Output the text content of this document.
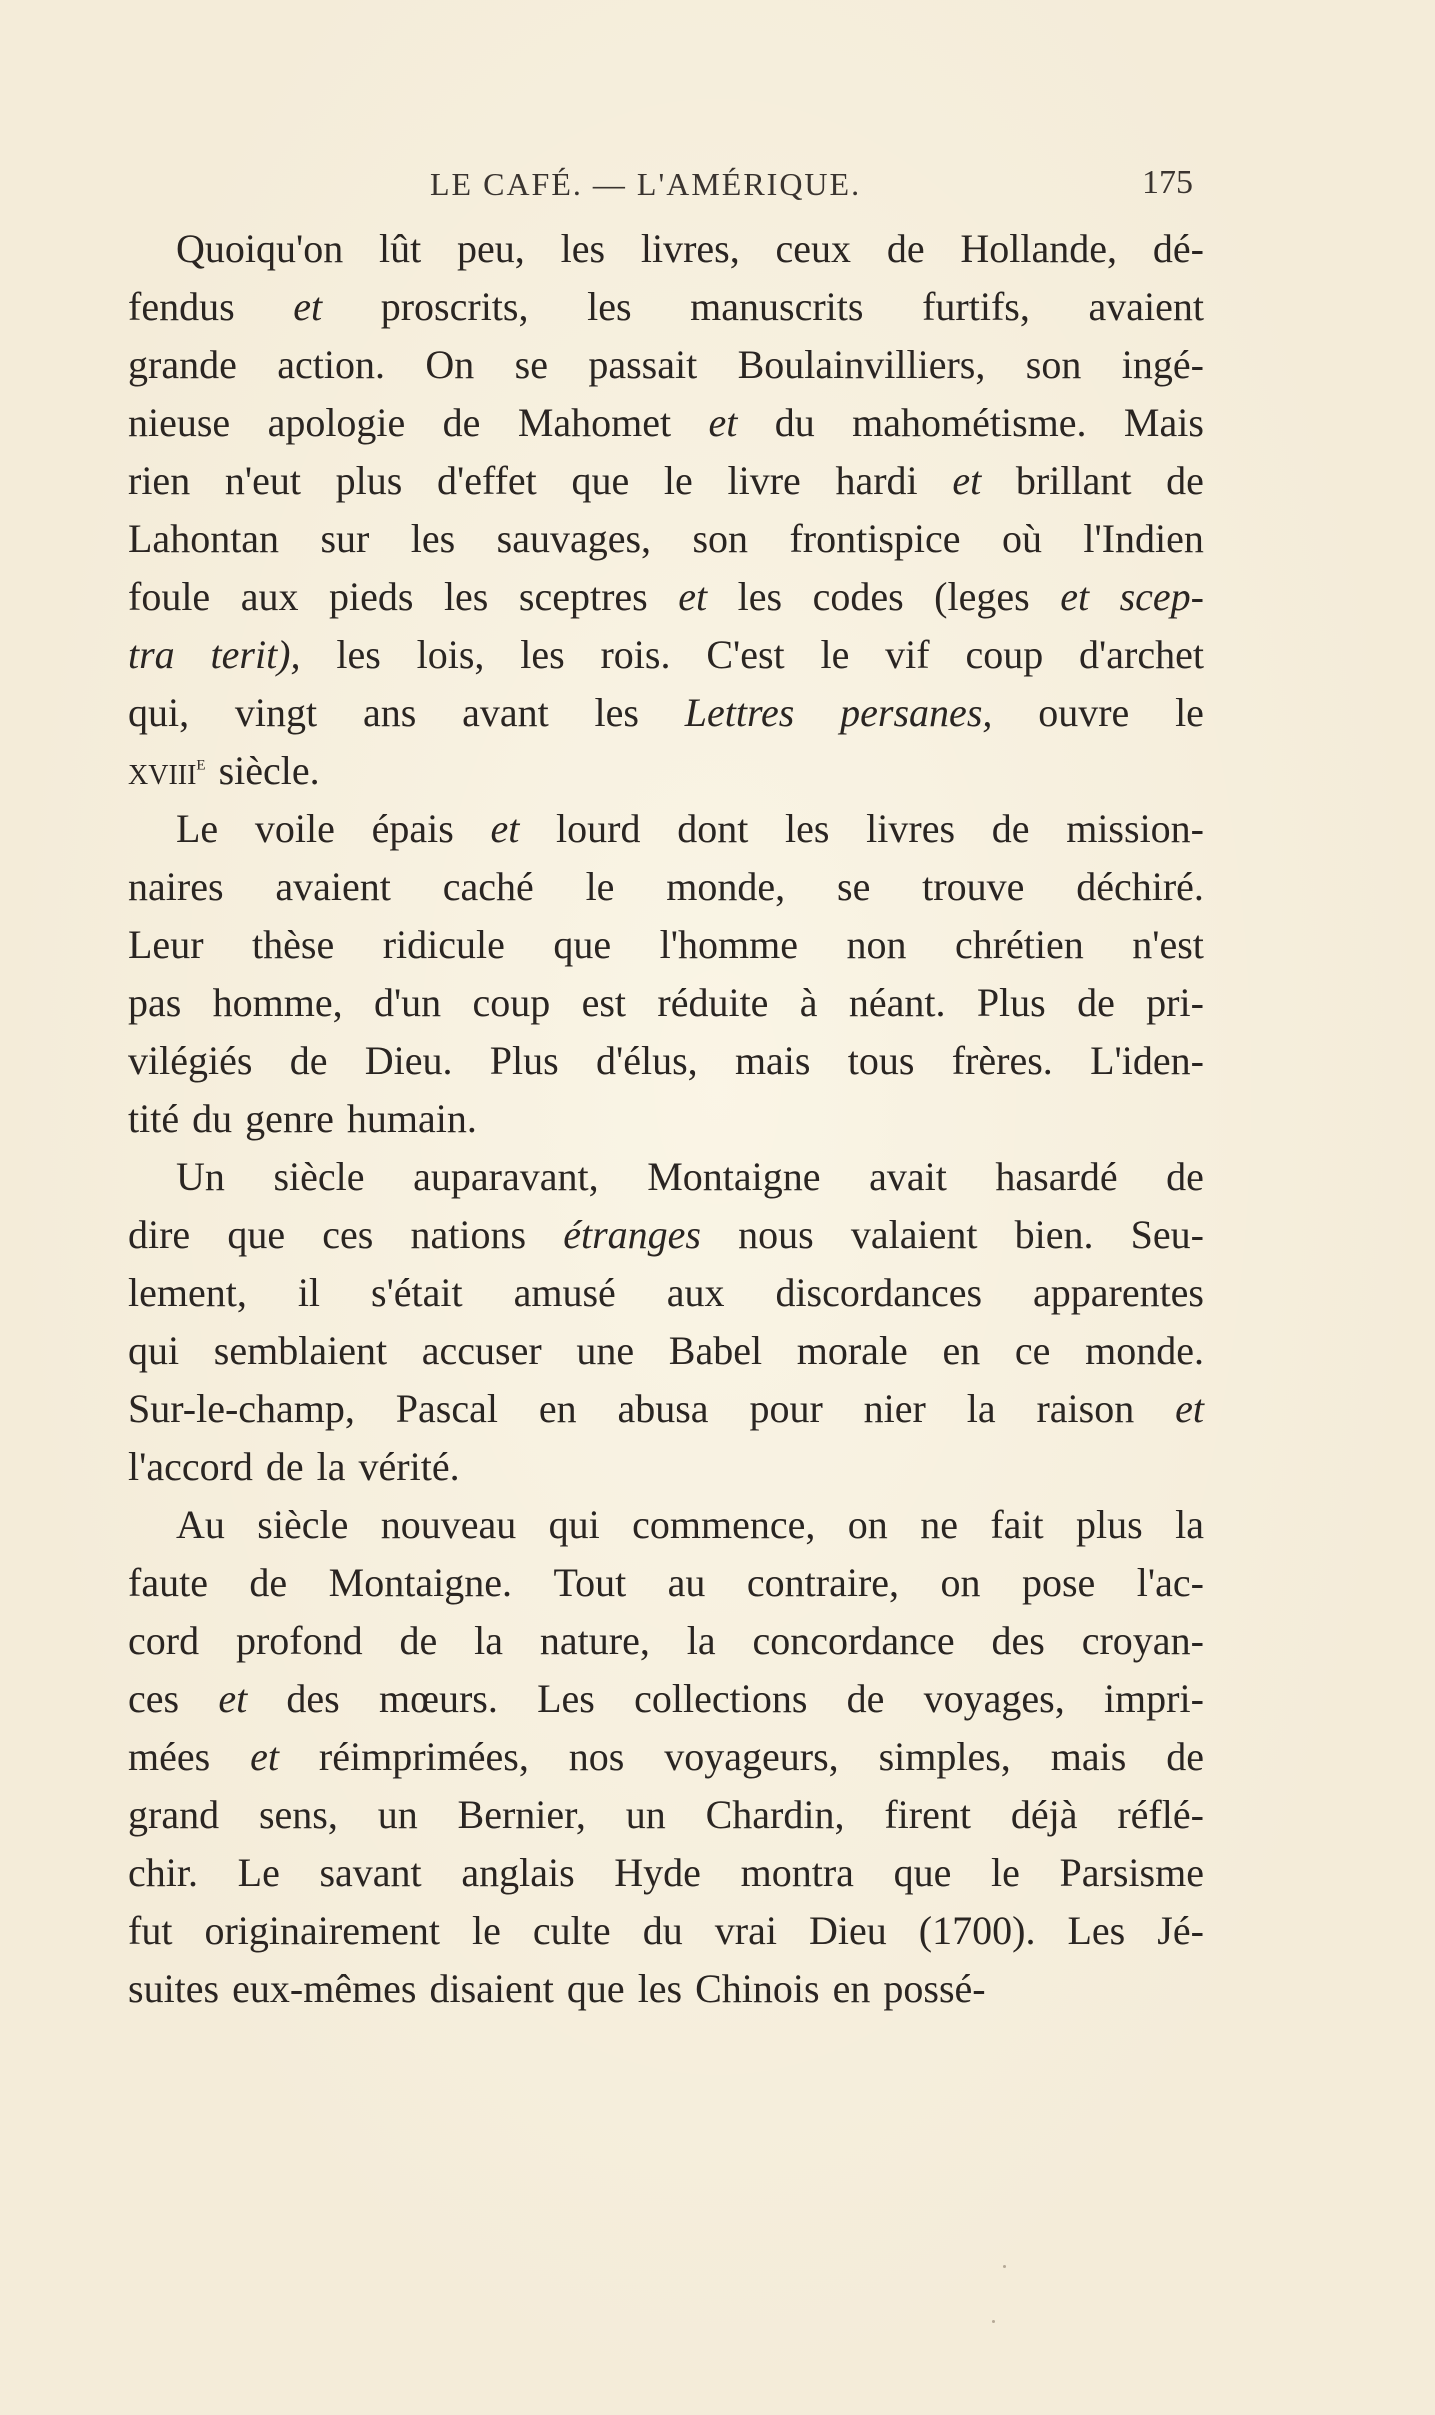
LE CAFÉ. — L'AMÉRIQUE.	175
Quoiqu'on lût peu, les livres, ceux de Hollande, dé-
fendus et proscrits, les manuscrits furtifs, avaient
grande action. On se passait Boulainvilliers, son ingé-
nieuse apologie de Mahomet et du mahométisme. Mais
rien n'eut plus d'effet que le livre hardi et brillant de
Lahontan sur les sauvages, son frontispice où l'Indien
foule aux pieds les sceptres et les codes (leges et scep-
tra terit), les lois, les rois. C'est le vif coup d'archet
qui, vingt ans avant les Lettres persanes, ouvre le
xviii$^e$ siècle.
Le voile épais et lourd dont les livres de mission-
naires avaient caché le monde, se trouve déchiré.
Leur thèse ridicule que l'homme non chrétien n'est
pas homme, d'un coup est réduite à néant. Plus de pri-
vilégiés de Dieu. Plus d'élus, mais tous frères. L'iden-
tité du genre humain.
Un siècle auparavant, Montaigne avait hasardé de
dire que ces nations étranges nous valaient bien. Seu-
lement, il s'était amusé aux discordances apparentes
qui semblaient accuser une Babel morale en ce monde.
Sur-le-champ, Pascal en abusa pour nier la raison et
l'accord de la vérité.
Au siècle nouveau qui commence, on ne fait plus la
faute de Montaigne. Tout au contraire, on pose l'ac-
cord profond de la nature, la concordance des croyan-
ces et des mœurs. Les collections de voyages, impri-
mées et réimprimées, nos voyageurs, simples, mais de
grand sens, un Bernier, un Chardin, firent déjà réflé-
chir. Le savant anglais Hyde montra que le Parsisme
fut originairement le culte du vrai Dieu (1700). Les Jé-
suites eux-mêmes disaient que les Chinois en possé-
